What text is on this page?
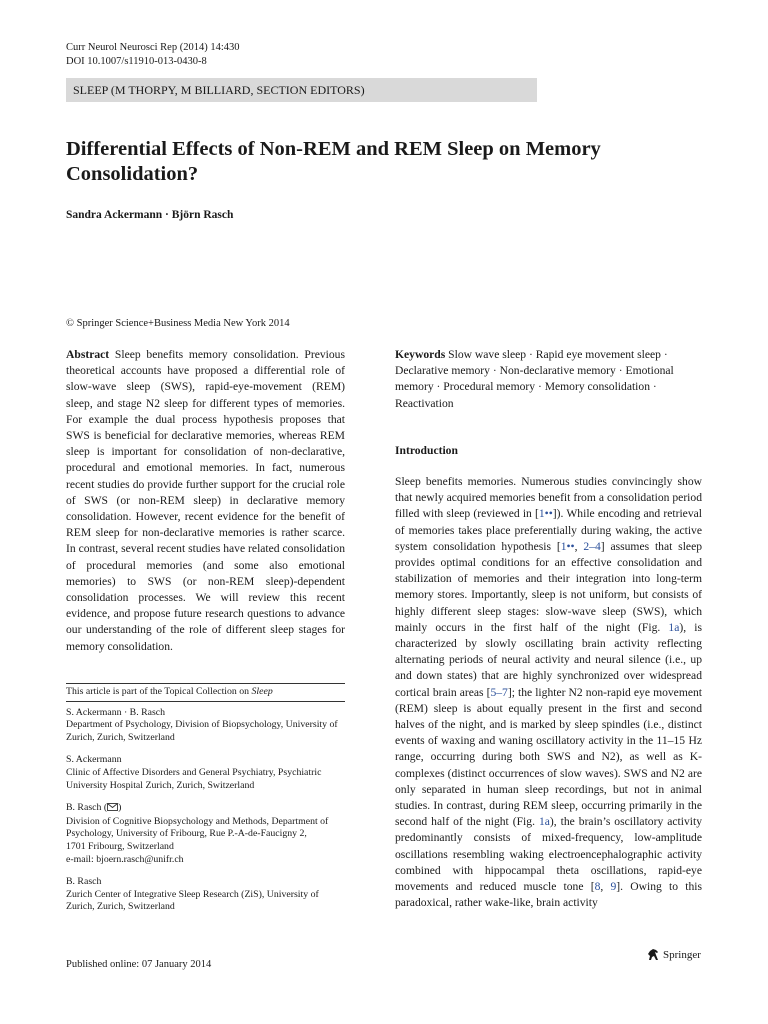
Curr Neurol Neurosci Rep (2014) 14:430
DOI 10.1007/s11910-013-0430-8
SLEEP (M THORPY, M BILLIARD, SECTION EDITORS)
Differential Effects of Non-REM and REM Sleep on Memory Consolidation?
Sandra Ackermann · Björn Rasch
© Springer Science+Business Media New York 2014
Abstract Sleep benefits memory consolidation. Previous theoretical accounts have proposed a differential role of slow-wave sleep (SWS), rapid-eye-movement (REM) sleep, and stage N2 sleep for different types of memories. For example the dual process hypothesis proposes that SWS is beneficial for declarative memories, whereas REM sleep is important for consolidation of non-declarative, procedural and emotional memories. In fact, numerous recent studies do provide further support for the crucial role of SWS (or non-REM sleep) in declarative memory consolidation. However, recent evidence for the benefit of REM sleep for non-declarative memories is rather scarce. In contrast, several recent studies have related consolidation of procedural memories (and some also emotional memories) to SWS (or non-REM sleep)-dependent consolidation processes. We will review this recent evidence, and propose future research questions to advance our understanding of the role of different sleep stages for memory consolidation.
Keywords Slow wave sleep · Rapid eye movement sleep · Declarative memory · Non-declarative memory · Emotional memory · Procedural memory · Memory consolidation · Reactivation
Introduction
Sleep benefits memories. Numerous studies convincingly show that newly acquired memories benefit from a consolidation period filled with sleep (reviewed in [1••]). While encoding and retrieval of memories takes place preferentially during waking, the active system consolidation hypothesis [1••, 2–4] assumes that sleep provides optimal conditions for an effective consolidation and stabilization of memories and their integration into long-term memory stores. Importantly, sleep is not uniform, but consists of highly different sleep stages: slow-wave sleep (SWS), which mainly occurs in the first half of the night (Fig. 1a), is characterized by slowly oscillating brain activity reflecting alternating periods of neural activity and neural silence (i.e., up and down states) that are highly synchronized over widespread cortical brain areas [5–7]; the lighter N2 non-rapid eye movement (REM) sleep is about equally present in the first and second halves of the night, and is marked by sleep spindles (i.e., distinct events of waxing and waning oscillatory activity in the 11–15 Hz range, occurring during both SWS and N2), as well as K-complexes (distinct occurrences of slow waves). SWS and N2 are only separated in human sleep recordings, but not in animal studies. In contrast, during REM sleep, occurring primarily in the second half of the night (Fig. 1a), the brain’s oscillatory activity predominantly consists of mixed-frequency, low-amplitude oscillations resembling waking electroencephalographic activity combined with hippocampal theta oscillations, rapid-eye movements and reduced muscle tone [8, 9]. Owing to this paradoxical, rather wake-like, brain activity
This article is part of the Topical Collection on Sleep
S. Ackermann · B. Rasch
Department of Psychology, Division of Biopsychology, University of
Zurich, Zurich, Switzerland
S. Ackermann
Clinic of Affective Disorders and General Psychiatry, Psychiatric
University Hospital Zurich, Zurich, Switzerland
B. Rasch ( )
Division of Cognitive Biopsychology and Methods, Department of
Psychology, University of Fribourg, Rue P.-A-de-Faucigny 2,
1701 Fribourg, Switzerland
e-mail: bjoern.rasch@unifr.ch
B. Rasch
Zurich Center of Integrative Sleep Research (ZiS), University of
Zurich, Zurich, Switzerland
Published online: 07 January 2014
Springer
